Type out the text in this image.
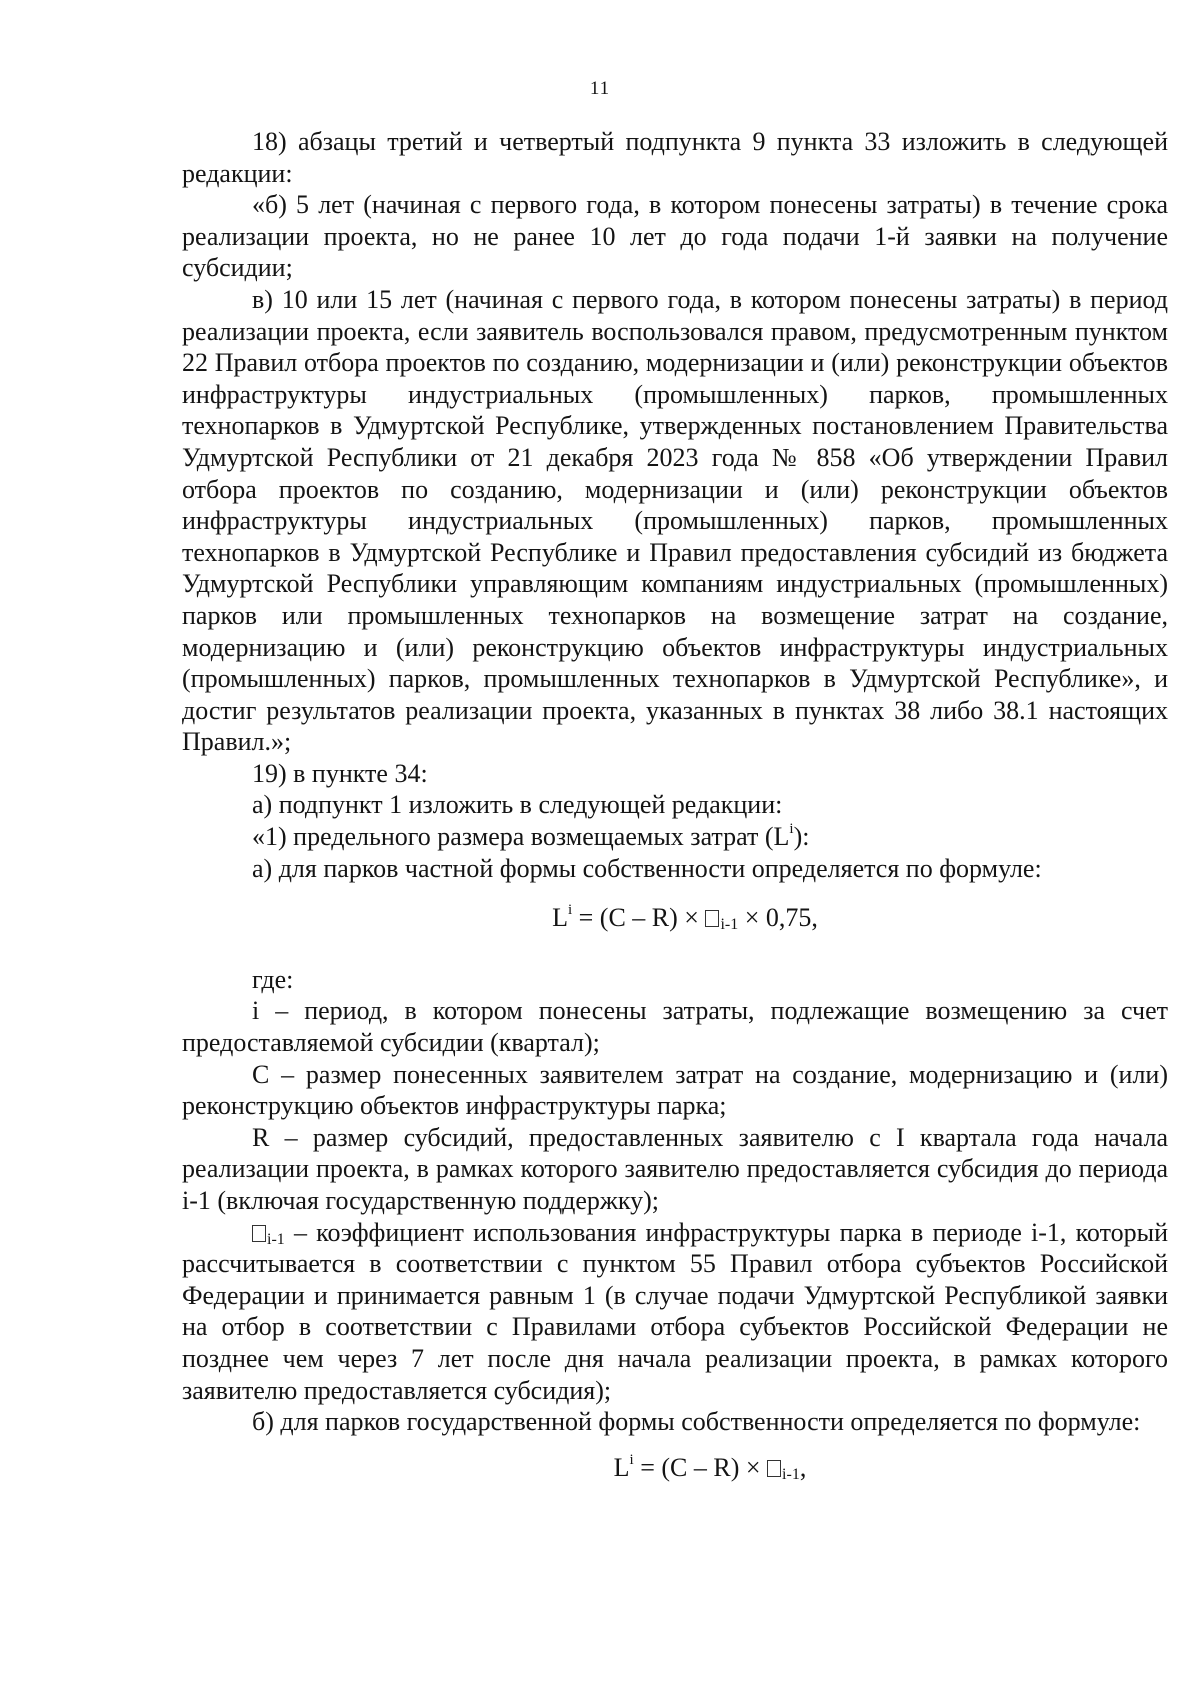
11

18) абзацы третий и четвертый подпункта 9 пункта 33 изложить в следующей редакции:

«б) 5 лет (начиная с первого года, в котором понесены затраты) в течение срока реализации проекта, но не ранее 10 лет до года подачи 1-й заявки на получение субсидии;

в) 10 или 15 лет (начиная с первого года, в котором понесены затраты) в период реализации проекта, если заявитель воспользовался правом, предусмотренным пунктом 22 Правил отбора проектов по созданию, модернизации и (или) реконструкции объектов инфраструктуры индустриальных (промышленных) парков, промышленных технопарков в Удмуртской Республике, утвержденных постановлением Правительства Удмуртской Республики от 21 декабря 2023 года № 858 «Об утверждении Правил отбора проектов по созданию, модернизации и (или) реконструкции объектов инфраструктуры индустриальных (промышленных) парков, промышленных технопарков в Удмуртской Республике и Правил предоставления субсидий из бюджета Удмуртской Республики управляющим компаниям индустриальных (промышленных) парков или промышленных технопарков на возмещение затрат на создание, модернизацию и (или) реконструкцию объектов инфраструктуры индустриальных (промышленных) парков, промышленных технопарков в Удмуртской Республике», и достиг результатов реализации проекта, указанных в пунктах 38 либо 38.1 настоящих Правил.»;

19) в пункте 34:

а) подпункт 1 изложить в следующей редакции:

«1) предельного размера возмещаемых затрат $(L^i)$:

а) для парков частной формы собственности определяется по формуле:

$L^i = (C - R) \times _{i-1} \times 0,75$,

где:

i – период, в котором понесены затраты, подлежащие возмещению за счет предоставляемой субсидии (квартал);

C – размер понесенных заявителем затрат на создание, модернизацию и (или) реконструкцию объектов инфраструктуры парка;

R – размер субсидий, предоставленных заявителю с I квартала года начала реализации проекта, в рамках которого заявителю предоставляется субсидия до периода i-1 (включая государственную поддержку);

$_{i-1}$ – коэффициент использования инфраструктуры парка в периоде i-1, который рассчитывается в соответствии с пунктом 55 Правил отбора субъектов Российской Федерации и принимается равным 1 (в случае подачи Удмуртской Республикой заявки на отбор в соответствии с Правилами отбора субъектов Российской Федерации не позднее чем через 7 лет после дня начала реализации проекта, в рамках которого заявителю предоставляется субсидия);

б) для парков государственной формы собственности определяется по формуле:

$L^i = (C - R) \times _{i-1}$,
